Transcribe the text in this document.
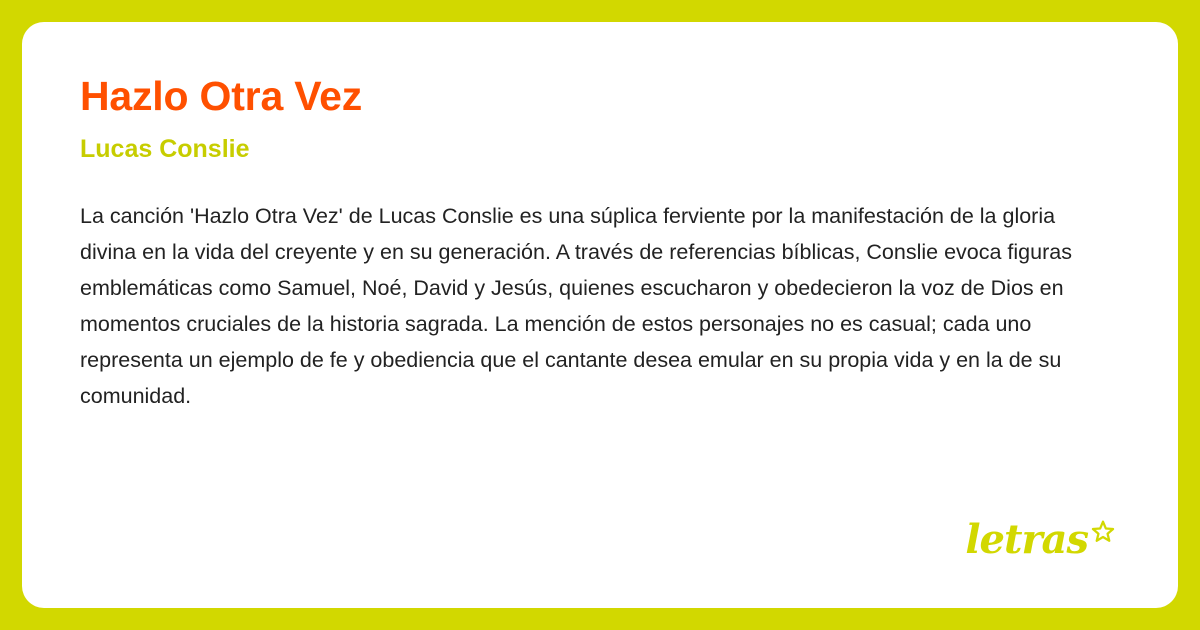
Hazlo Otra Vez
Lucas Conslie

La canción 'Hazlo Otra Vez' de Lucas Conslie es una súplica ferviente por la manifestación de la gloria divina en la vida del creyente y en su generación. A través de referencias bíblicas, Conslie evoca figuras emblemáticas como Samuel, Noé, David y Jesús, quienes escucharon y obedecieron la voz de Dios en momentos cruciales de la historia sagrada. La mención de estos personajes no es casual; cada uno representa un ejemplo de fe y obediencia que el cantante desea emular en su propia vida y en la de su comunidad.

letras
